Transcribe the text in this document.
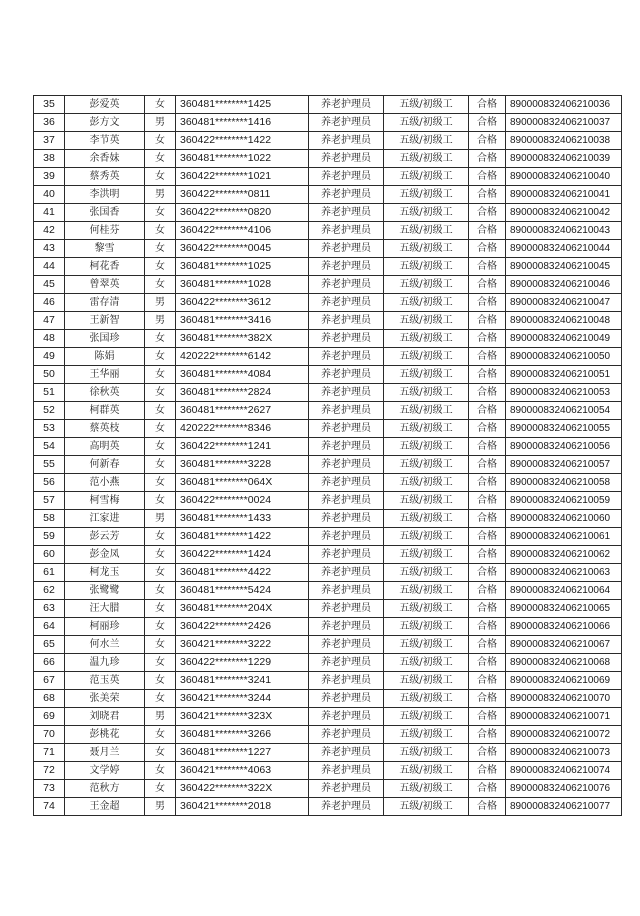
35	彭爱英	女	360481********1425	养老护理员	五级/初级工	合格	890000832406210036
36	彭方文	男	360481********1416	养老护理员	五级/初级工	合格	890000832406210037
37	李节英	女	360422********1422	养老护理员	五级/初级工	合格	890000832406210038
38	余香妹	女	360481********1022	养老护理员	五级/初级工	合格	890000832406210039
39	蔡秀英	女	360422********1021	养老护理员	五级/初级工	合格	890000832406210040
40	李洪明	男	360422********0811	养老护理员	五级/初级工	合格	890000832406210041
41	张国香	女	360422********0820	养老护理员	五级/初级工	合格	890000832406210042
42	何桂芬	女	360422********4106	养老护理员	五级/初级工	合格	890000832406210043
43	黎雪	女	360422********0045	养老护理员	五级/初级工	合格	890000832406210044
44	柯花香	女	360481********1025	养老护理员	五级/初级工	合格	890000832406210045
45	曾翠英	女	360481********1028	养老护理员	五级/初级工	合格	890000832406210046
46	雷存清	男	360422********3612	养老护理员	五级/初级工	合格	890000832406210047
47	王新智	男	360481********3416	养老护理员	五级/初级工	合格	890000832406210048
48	张国珍	女	360481********382X	养老护理员	五级/初级工	合格	890000832406210049
49	陈娟	女	420222********6142	养老护理员	五级/初级工	合格	890000832406210050
50	王华丽	女	360481********4084	养老护理员	五级/初级工	合格	890000832406210051
51	徐秋英	女	360481********2824	养老护理员	五级/初级工	合格	890000832406210053
52	柯群英	女	360481********2627	养老护理员	五级/初级工	合格	890000832406210054
53	蔡英枝	女	420222********8346	养老护理员	五级/初级工	合格	890000832406210055
54	高明英	女	360422********1241	养老护理员	五级/初级工	合格	890000832406210056
55	何新春	女	360481********3228	养老护理员	五级/初级工	合格	890000832406210057
56	范小燕	女	360481********064X	养老护理员	五级/初级工	合格	890000832406210058
57	柯雪梅	女	360422********0024	养老护理员	五级/初级工	合格	890000832406210059
58	江家进	男	360481********1433	养老护理员	五级/初级工	合格	890000832406210060
59	彭云芳	女	360481********1422	养老护理员	五级/初级工	合格	890000832406210061
60	彭金凤	女	360422********1424	养老护理员	五级/初级工	合格	890000832406210062
61	柯龙玉	女	360481********4422	养老护理员	五级/初级工	合格	890000832406210063
62	张鹭鹭	女	360481********5424	养老护理员	五级/初级工	合格	890000832406210064
63	汪大腊	女	360481********204X	养老护理员	五级/初级工	合格	890000832406210065
64	柯丽珍	女	360422********2426	养老护理员	五级/初级工	合格	890000832406210066
65	何水兰	女	360421********3222	养老护理员	五级/初级工	合格	890000832406210067
66	温九珍	女	360422********1229	养老护理员	五级/初级工	合格	890000832406210068
67	范玉英	女	360481********3241	养老护理员	五级/初级工	合格	890000832406210069
68	张美荣	女	360421********3244	养老护理员	五级/初级工	合格	890000832406210070
69	刘晓君	男	360421********323X	养老护理员	五级/初级工	合格	890000832406210071
70	彭桃花	女	360481********3266	养老护理员	五级/初级工	合格	890000832406210072
71	聂月兰	女	360481********1227	养老护理员	五级/初级工	合格	890000832406210073
72	文学婷	女	360421********4063	养老护理员	五级/初级工	合格	890000832406210074
73	范秋方	女	360422********322X	养老护理员	五级/初级工	合格	890000832406210076
74	王金超	男	360421********2018	养老护理员	五级/初级工	合格	890000832406210077
